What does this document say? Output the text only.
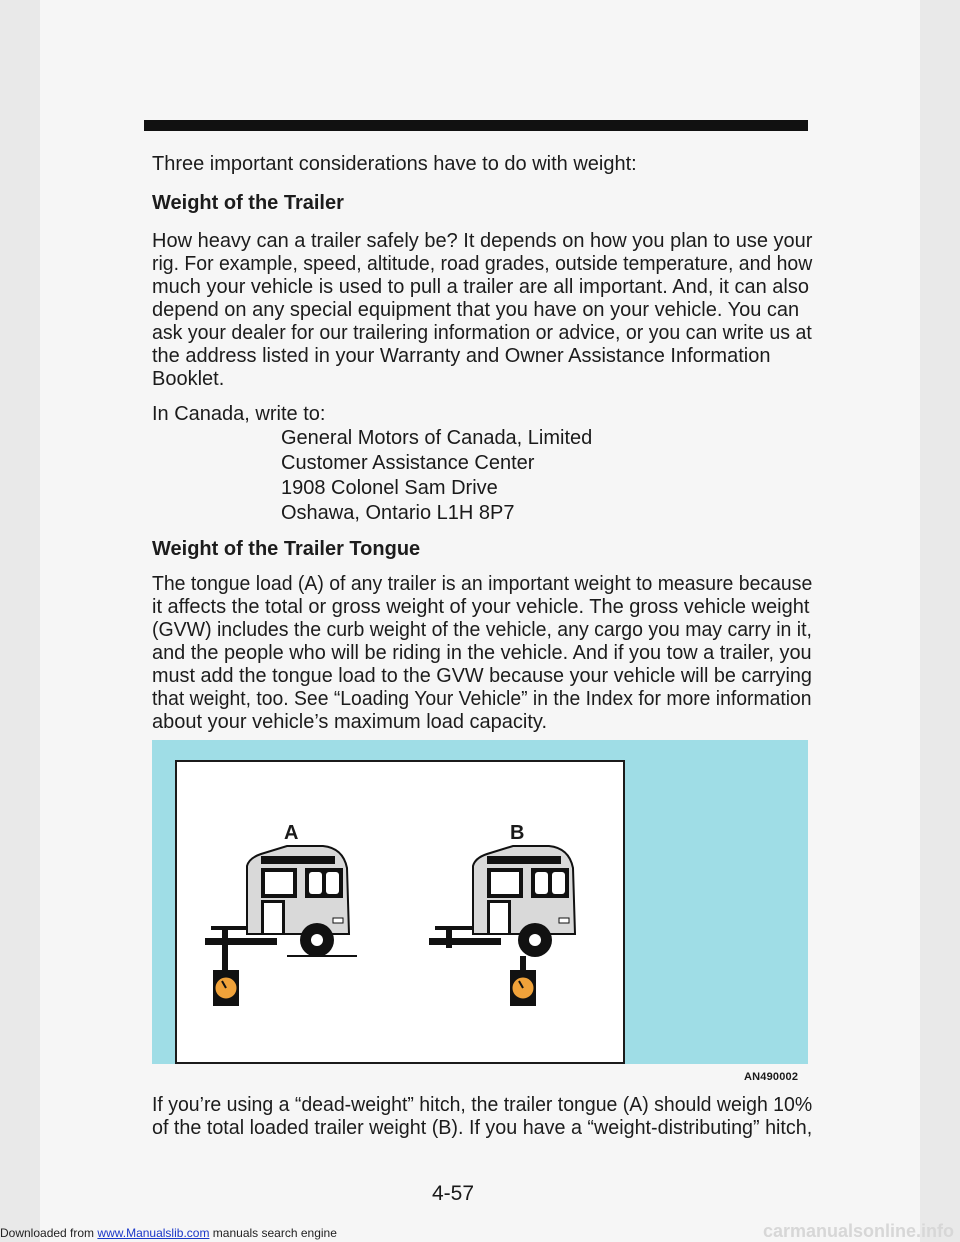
Three important considerations have to do with weight:
Weight of the Trailer
How heavy can a trailer safely be? It depends on how you plan to use your
rig. For example, speed, altitude, road grades, outside temperature, and how
much your vehicle is used to pull a trailer are all important. And, it can also
depend on any special equipment that you have on your vehicle. You can
ask your dealer for our trailering information or advice, or you can write us at
the address listed in your Warranty and Owner Assistance Information
Booklet.
In Canada, write to:
General Motors of Canada, Limited
Customer Assistance Center
1908 Colonel Sam Drive
Oshawa, Ontario L1H 8P7
Weight of the Trailer Tongue
The tongue load (A) of any trailer is an important weight to measure because
it affects the total or gross weight of your vehicle. The gross vehicle weight
(GVW) includes the curb weight of the vehicle, any cargo you may carry in it,
and the people who will be riding in the vehicle. And if you tow a trailer, you
must add the tongue load to the GVW because your vehicle will be carrying
that weight, too. See “Loading Your Vehicle” in the Index for more information
about your vehicle’s maximum load capacity.
A	B
AN490002
If you’re using a “dead-weight” hitch, the trailer tongue (A) should weigh 10%
of the total loaded trailer weight (B). If you have a “weight-distributing” hitch,
4-57
Downloaded from www.Manualslib.com manuals search engine	carmanualsonline.info
